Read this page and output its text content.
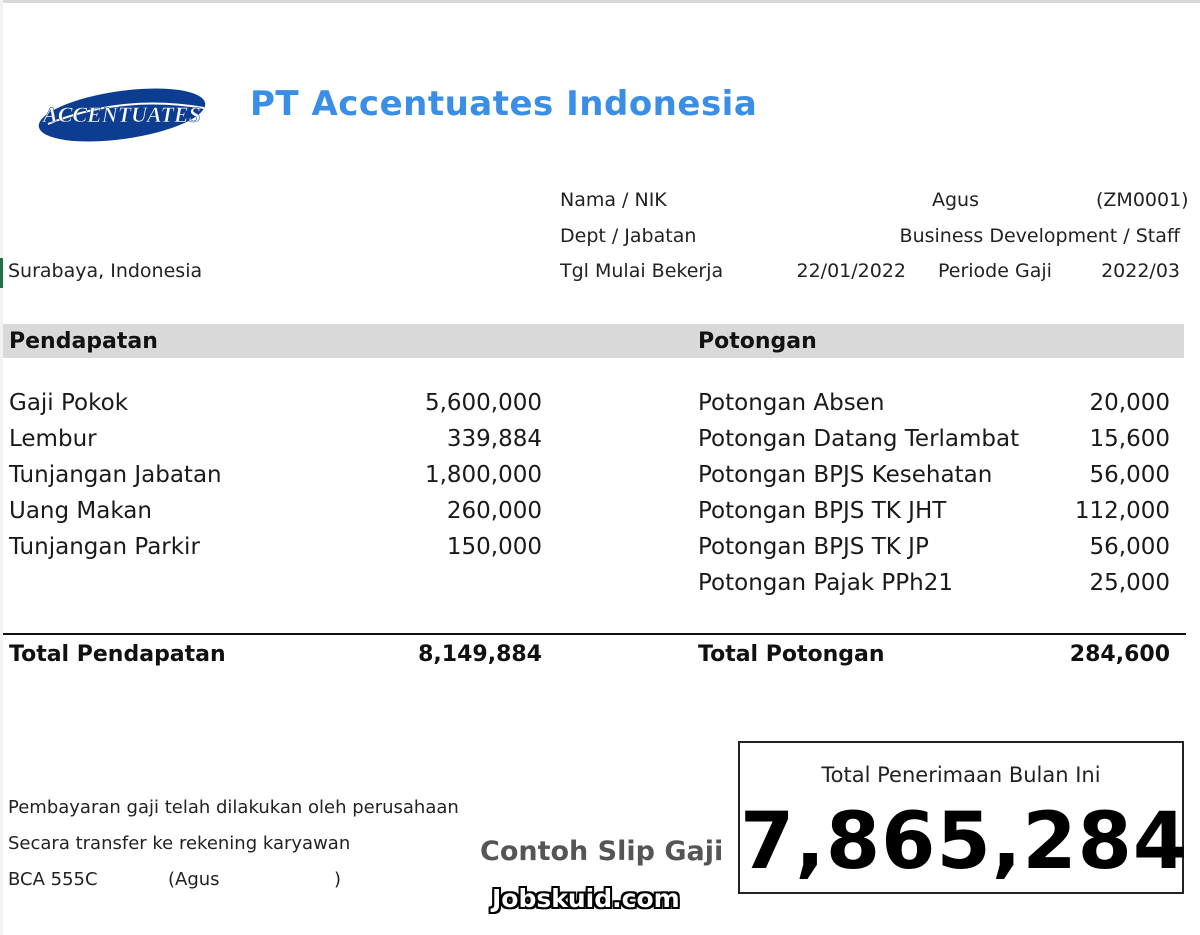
ACCENTUATES PT Accentuates Indonesia
Nama / NIK	Agus	(ZM0001)
Dept / Jabatan	Business Development / Staff
Surabaya, Indonesia	Tgl Mulai Bekerja	22/01/2022 Periode Gaji	2022/03
Pendapatan	Potongan
Gaji Pokok	5,600,000
Lembur	339,884
Tunjangan Jabatan	1,800,000
Uang Makan	260,000
Tunjangan Parkir	150,000
Potongan Absen	20,000
Potongan Datang Terlambat	15,600
Potongan BPJS Kesehatan	56,000
Potongan BPJS TK JHT	112,000
Potongan BPJS TK JP	56,000
Potongan Pajak PPh21	25,000
Total Pendapatan	8,149,884	Total Potongan	284,600
Total Penerimaan Bulan Ini
7,865,284
Pembayaran gaji telah dilakukan oleh perusahaan
Secara transfer ke rekening karyawan
BCA 555C	(Agus	)
Contoh Slip Gaji
Jobskuid.com
